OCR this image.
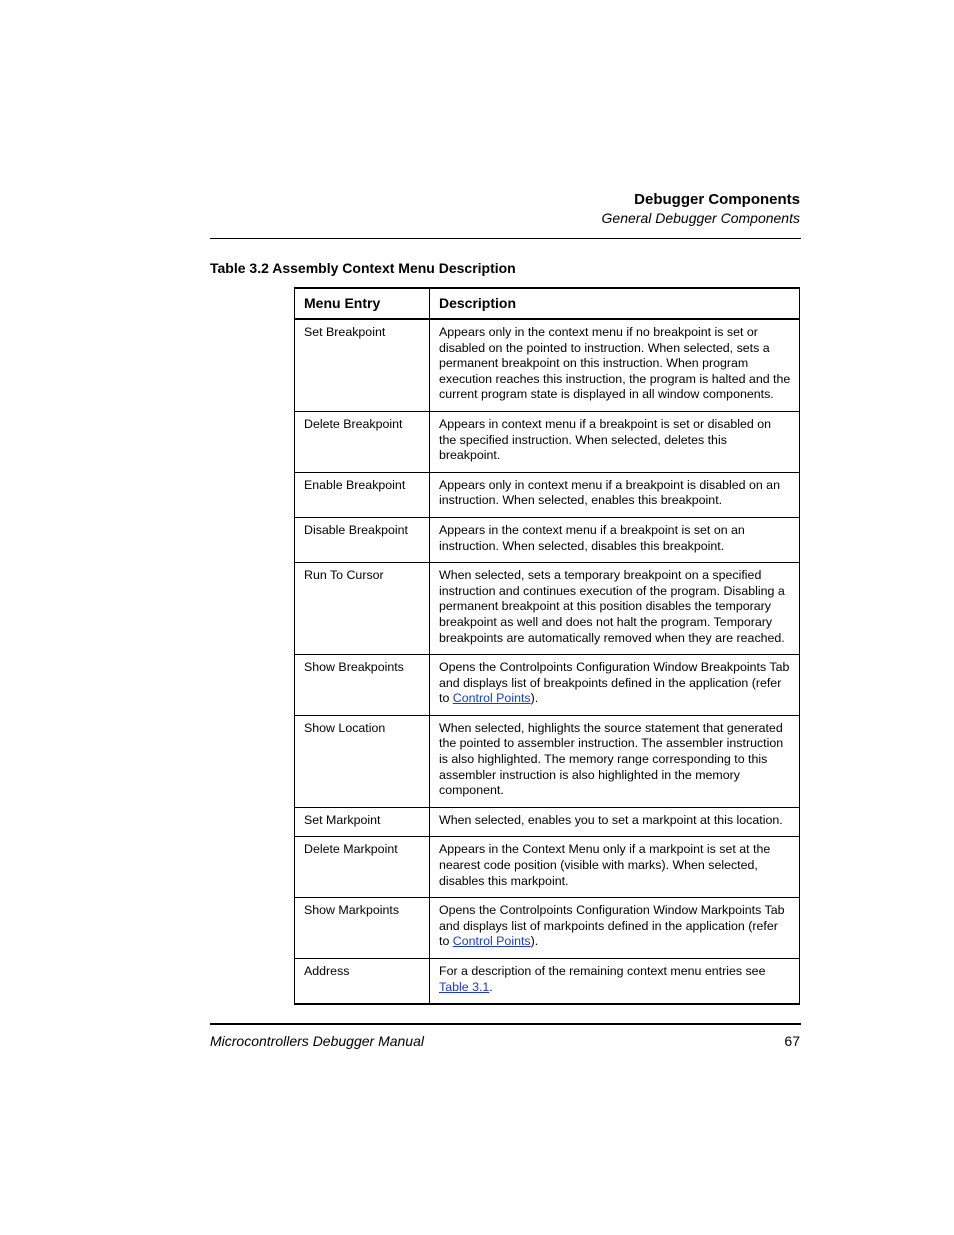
Debugger Components
General Debugger Components
Table 3.2 Assembly Context Menu Description
Menu Entry	Description
Set Breakpoint	Appears only in the context menu if no breakpoint is set or disabled on the pointed to instruction. When selected, sets a permanent breakpoint on this instruction. When program execution reaches this instruction, the program is halted and the current program state is displayed in all window components.
Delete Breakpoint	Appears in context menu if a breakpoint is set or disabled on the specified instruction. When selected, deletes this breakpoint.
Enable Breakpoint	Appears only in context menu if a breakpoint is disabled on an instruction. When selected, enables this breakpoint.
Disable Breakpoint	Appears in the context menu if a breakpoint is set on an instruction. When selected, disables this breakpoint.
Run To Cursor	When selected, sets a temporary breakpoint on a specified instruction and continues execution of the program. Disabling a permanent breakpoint at this position disables the temporary breakpoint as well and does not halt the program. Temporary breakpoints are automatically removed when they are reached.
Show Breakpoints	Opens the Controlpoints Configuration Window Breakpoints Tab and displays list of breakpoints defined in the application (refer to Control Points).
Show Location	When selected, highlights the source statement that generated the pointed to assembler instruction. The assembler instruction is also highlighted. The memory range corresponding to this assembler instruction is also highlighted in the memory component.
Set Markpoint	When selected, enables you to set a markpoint at this location.
Delete Markpoint	Appears in the Context Menu only if a markpoint is set at the nearest code position (visible with marks). When selected, disables this markpoint.
Show Markpoints	Opens the Controlpoints Configuration Window Markpoints Tab and displays list of markpoints defined in the application (refer to Control Points).
Address	For a description of the remaining context menu entries see Table 3.1.
Microcontrollers Debugger Manual	67
